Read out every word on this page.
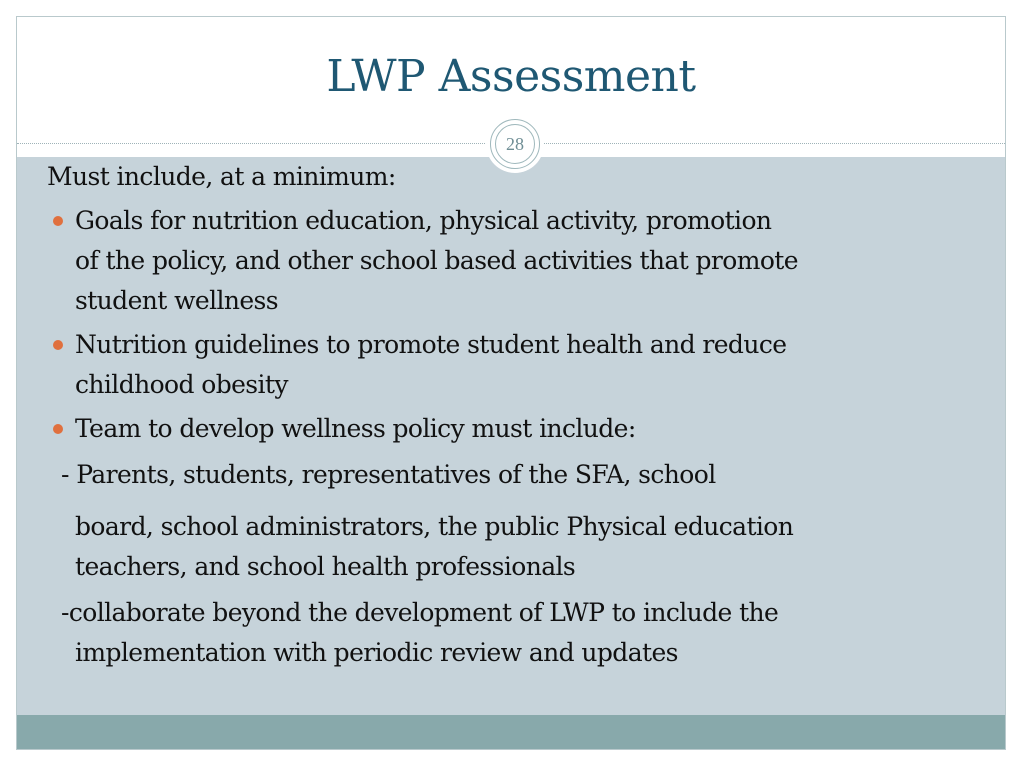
LWP Assessment
28
Must include, at a minimum:
Goals for nutrition education, physical activity, promotion
of the policy, and other school based activities that promote
student wellness
Nutrition guidelines to promote student health and reduce
childhood obesity
Team to develop wellness policy must include:
- Parents, students, representatives of the SFA, school
board, school administrators, the public Physical education
teachers, and school health professionals
-collaborate beyond the development of LWP to include the
implementation with periodic review and updates
